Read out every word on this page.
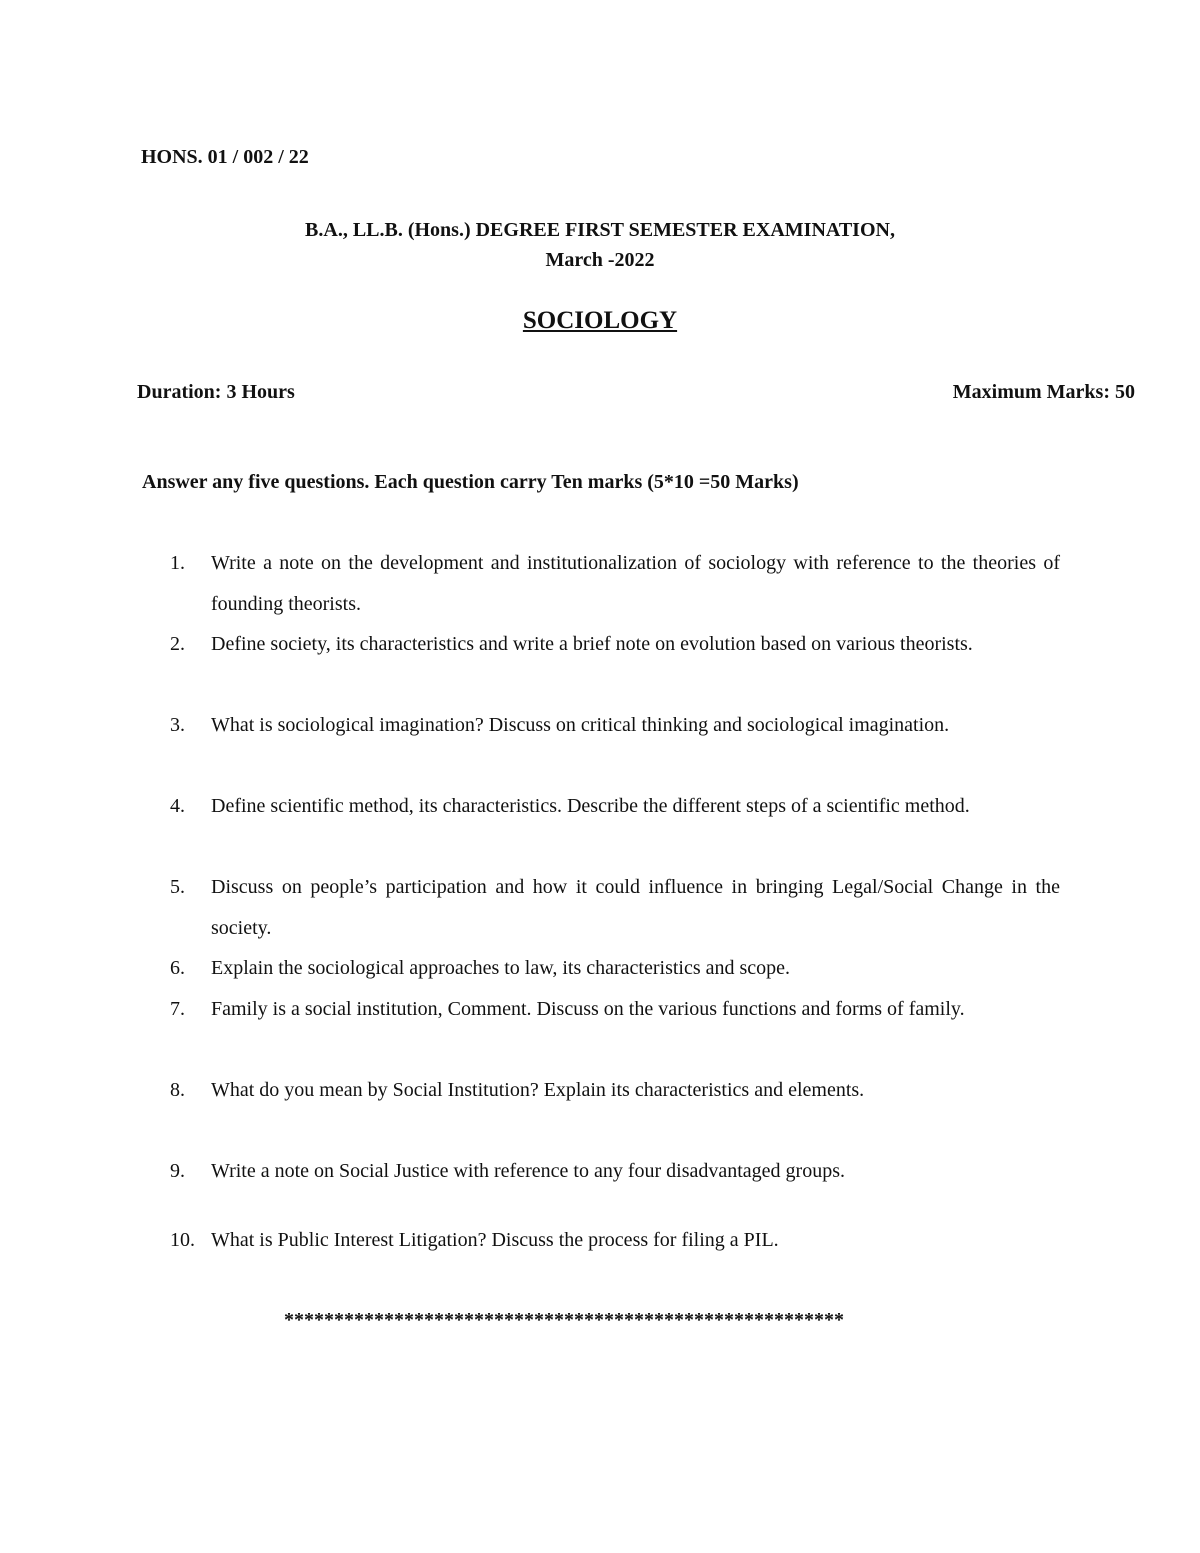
HONS. 01 / 002 / 22
B.A., LL.B. (Hons.) DEGREE FIRST SEMESTER EXAMINATION,
March -2022
SOCIOLOGY
Duration: 3 Hours	Maximum Marks: 50
Answer any five questions. Each question carry Ten marks (5*10 =50 Marks)
1.	Write a note on the development and institutionalization of sociology with reference to the theories of founding theorists.
2.	Define society, its characteristics and write a brief note on evolution based on various theorists.
3.	What is sociological imagination? Discuss on critical thinking and sociological imagination.
4.	Define scientific method, its characteristics. Describe the different steps of a scientific method.
5.	Discuss on people’s participation and how it could influence in bringing Legal/Social Change in the society.
6.	Explain the sociological approaches to law, its characteristics and scope.
7.	Family is a social institution, Comment. Discuss on the various functions and forms of family.
8.	What do you mean by Social Institution? Explain its characteristics and elements.
9.	Write a note on Social Justice with reference to any four disadvantaged groups.
10. What is Public Interest Litigation? Discuss the process for filing a PIL.
********************************************************
